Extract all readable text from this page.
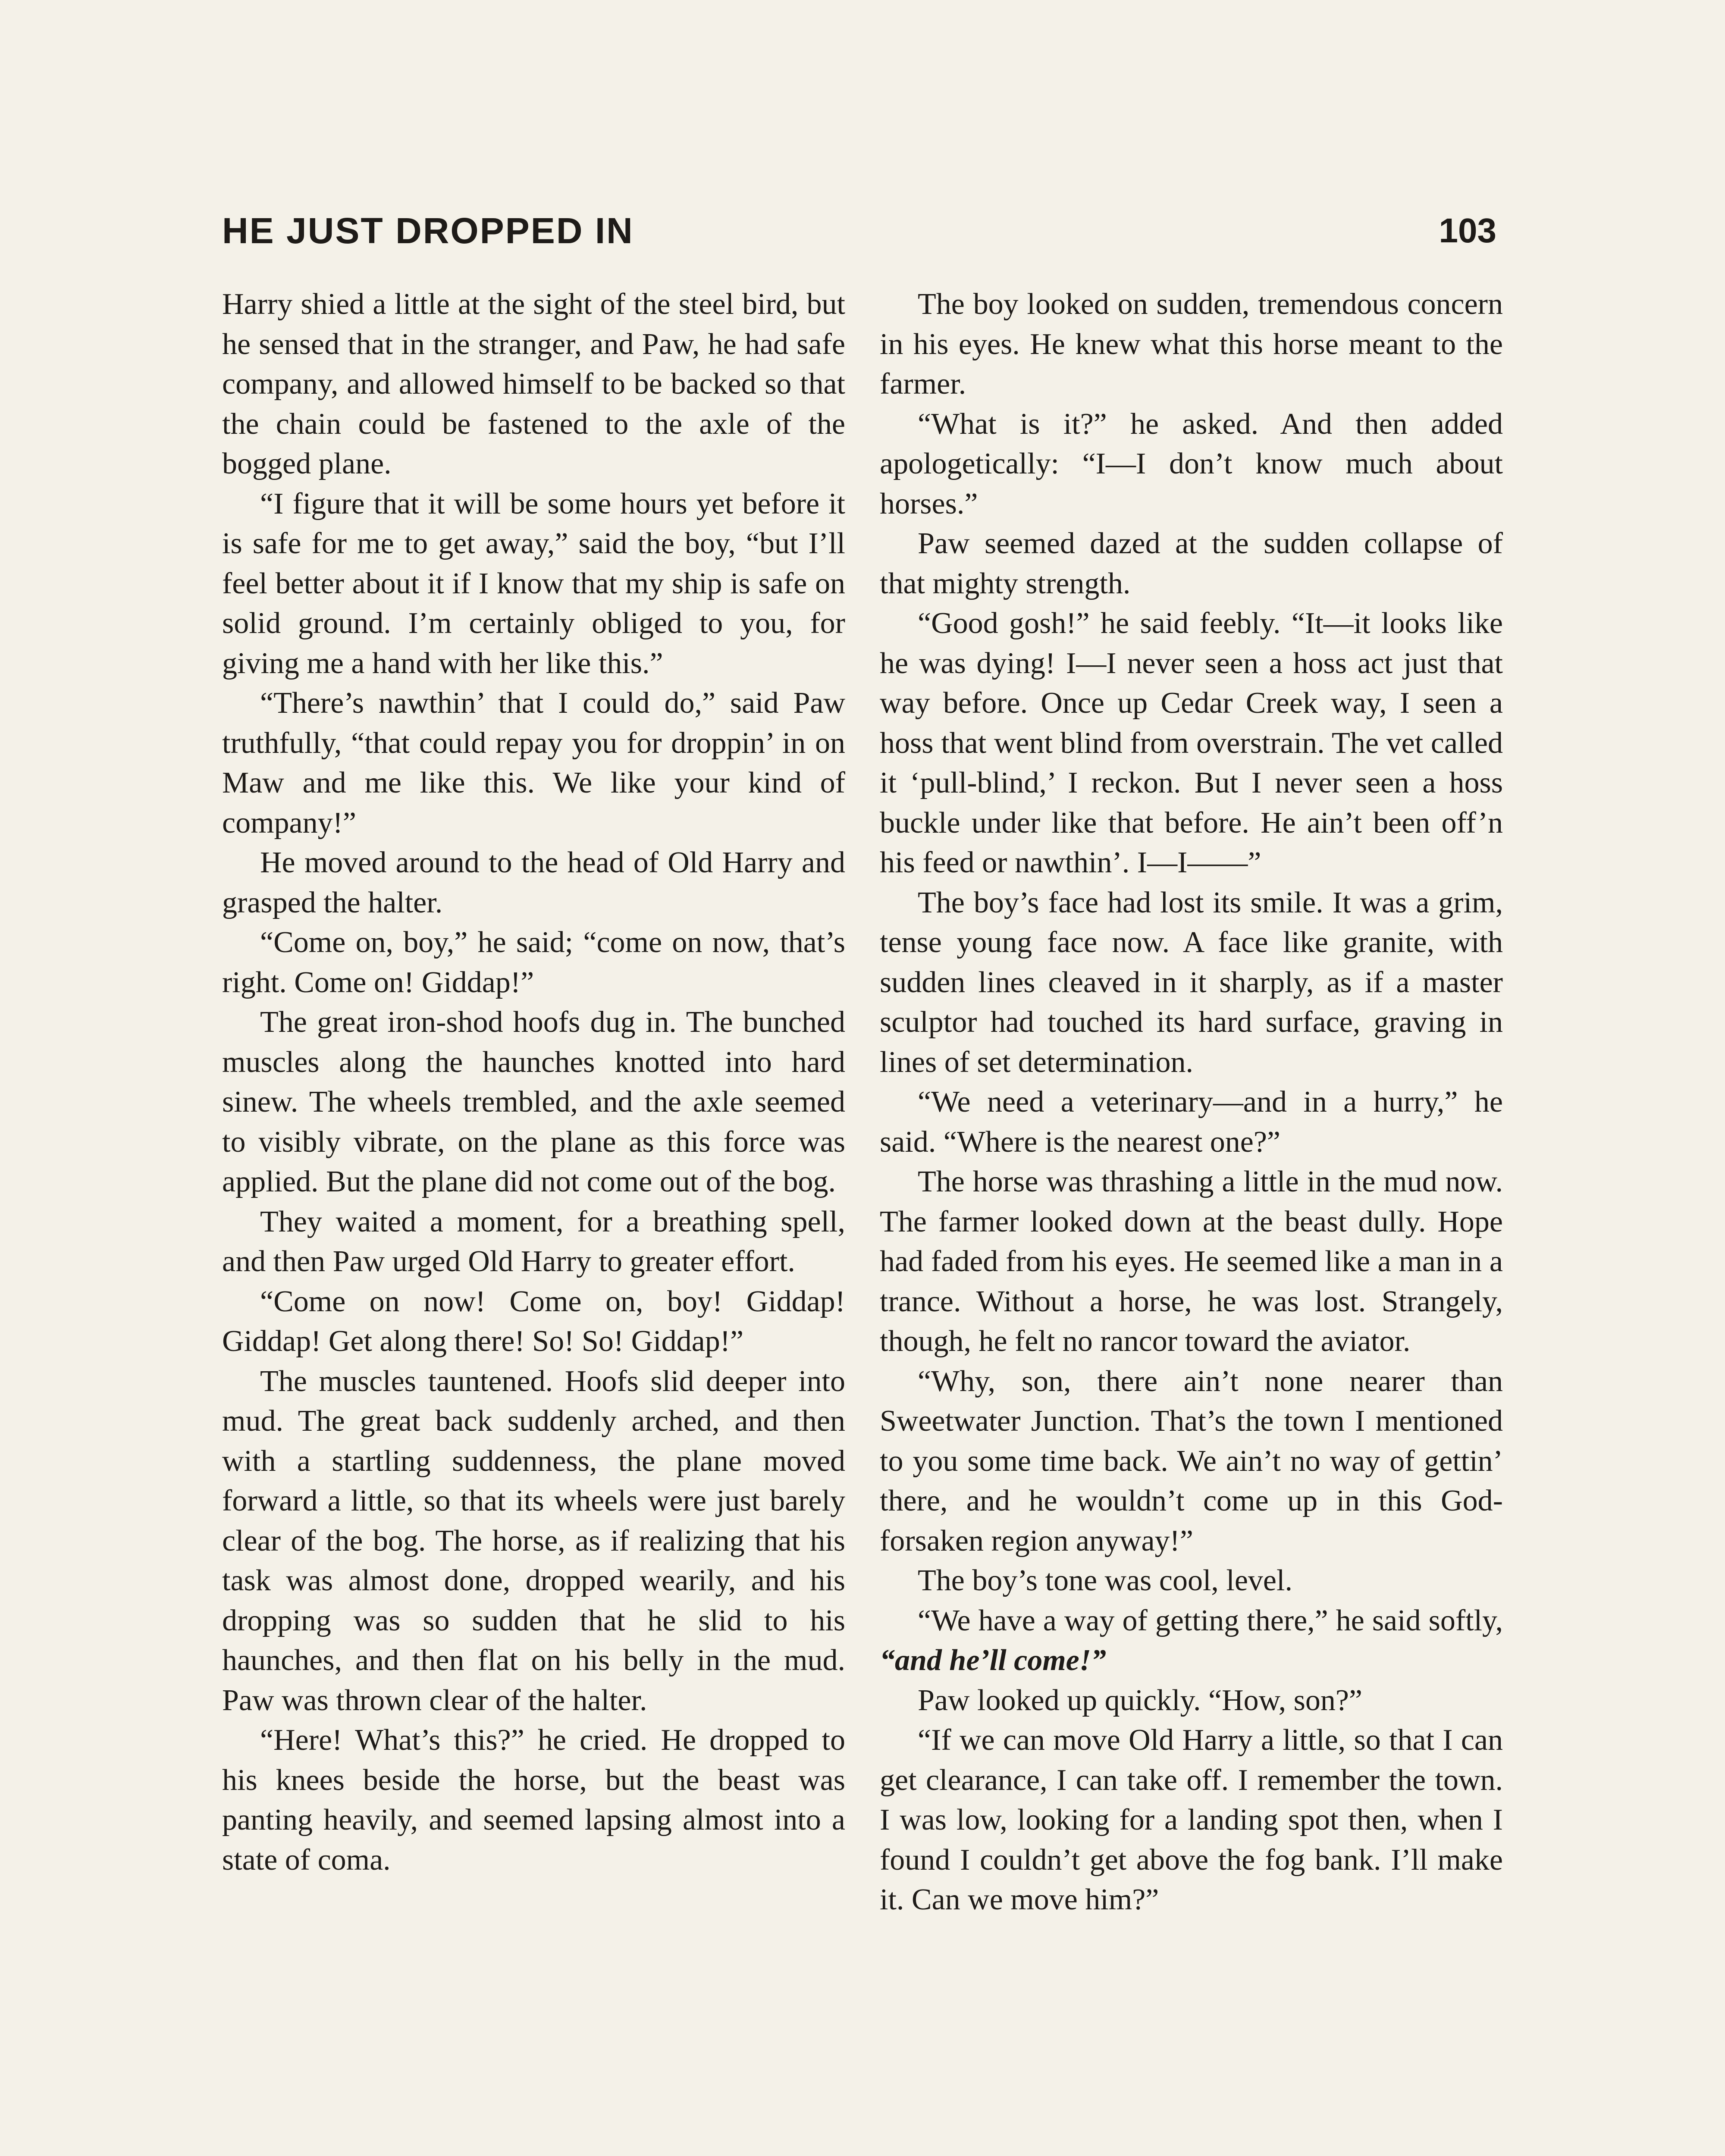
HE JUST DROPPED IN	103

Harry shied a little at the sight of the steel bird, but he sensed that in the stranger, and Paw, he had safe company, and allowed himself to be backed so that the chain could be fastened to the axle of the bogged plane.

“I figure that it will be some hours yet before it is safe for me to get away,” said the boy, “but I’ll feel better about it if I know that my ship is safe on solid ground. I’m certainly obliged to you, for giving me a hand with her like this.”

“There’s nawthin’ that I could do,” said Paw truthfully, “that could repay you for droppin’ in on Maw and me like this. We like your kind of company!”

He moved around to the head of Old Harry and grasped the halter.

“Come on, boy,” he said; “come on now, that’s right. Come on! Giddap!”

The great iron-shod hoofs dug in. The bunched muscles along the haunches knotted into hard sinew. The wheels trembled, and the axle seemed to visibly vibrate, on the plane as this force was applied. But the plane did not come out of the bog.

They waited a moment, for a breathing spell, and then Paw urged Old Harry to greater effort.

“Come on now! Come on, boy! Giddap! Giddap! Get along there! So! So! Giddap!”

The muscles tauntened. Hoofs slid deeper into mud. The great back suddenly arched, and then with a startling suddenness, the plane moved forward a little, so that its wheels were just barely clear of the bog. The horse, as if realizing that his task was almost done, dropped wearily, and his dropping was so sudden that he slid to his haunches, and then flat on his belly in the mud. Paw was thrown clear of the halter.

“Here! What’s this?” he cried. He dropped to his knees beside the horse, but the beast was panting heavily, and seemed lapsing almost into a state of coma.

The boy looked on sudden, tremendous concern in his eyes. He knew what this horse meant to the farmer.

“What is it?” he asked. And then added apologetically: “I—I don’t know much about horses.”

Paw seemed dazed at the sudden collapse of that mighty strength.

“Good gosh!” he said feebly. “It—it looks like he was dying! I—I never seen a hoss act just that way before. Once up Cedar Creek way, I seen a hoss that went blind from overstrain. The vet called it ‘pull-blind,’ I reckon. But I never seen a hoss buckle under like that before. He ain’t been off’n his feed or nawthin’. I—I——”

The boy’s face had lost its smile. It was a grim, tense young face now. A face like granite, with sudden lines cleaved in it sharply, as if a master sculptor had touched its hard surface, graving in lines of set determination.

“We need a veterinary—and in a hurry,” he said. “Where is the nearest one?”

The horse was thrashing a little in the mud now. The farmer looked down at the beast dully. Hope had faded from his eyes. He seemed like a man in a trance. Without a horse, he was lost. Strangely, though, he felt no rancor toward the aviator.

“Why, son, there ain’t none nearer than Sweetwater Junction. That’s the town I mentioned to you some time back. We ain’t no way of gettin’ there, and he wouldn’t come up in this God-forsaken region anyway!”

The boy’s tone was cool, level.

“We have a way of getting there,” he said softly, “and he’ll come!”

Paw looked up quickly. “How, son?”

“If we can move Old Harry a little, so that I can get clearance, I can take off. I remember the town. I was low, looking for a landing spot then, when I found I couldn’t get above the fog bank. I’ll make it. Can we move him?”
